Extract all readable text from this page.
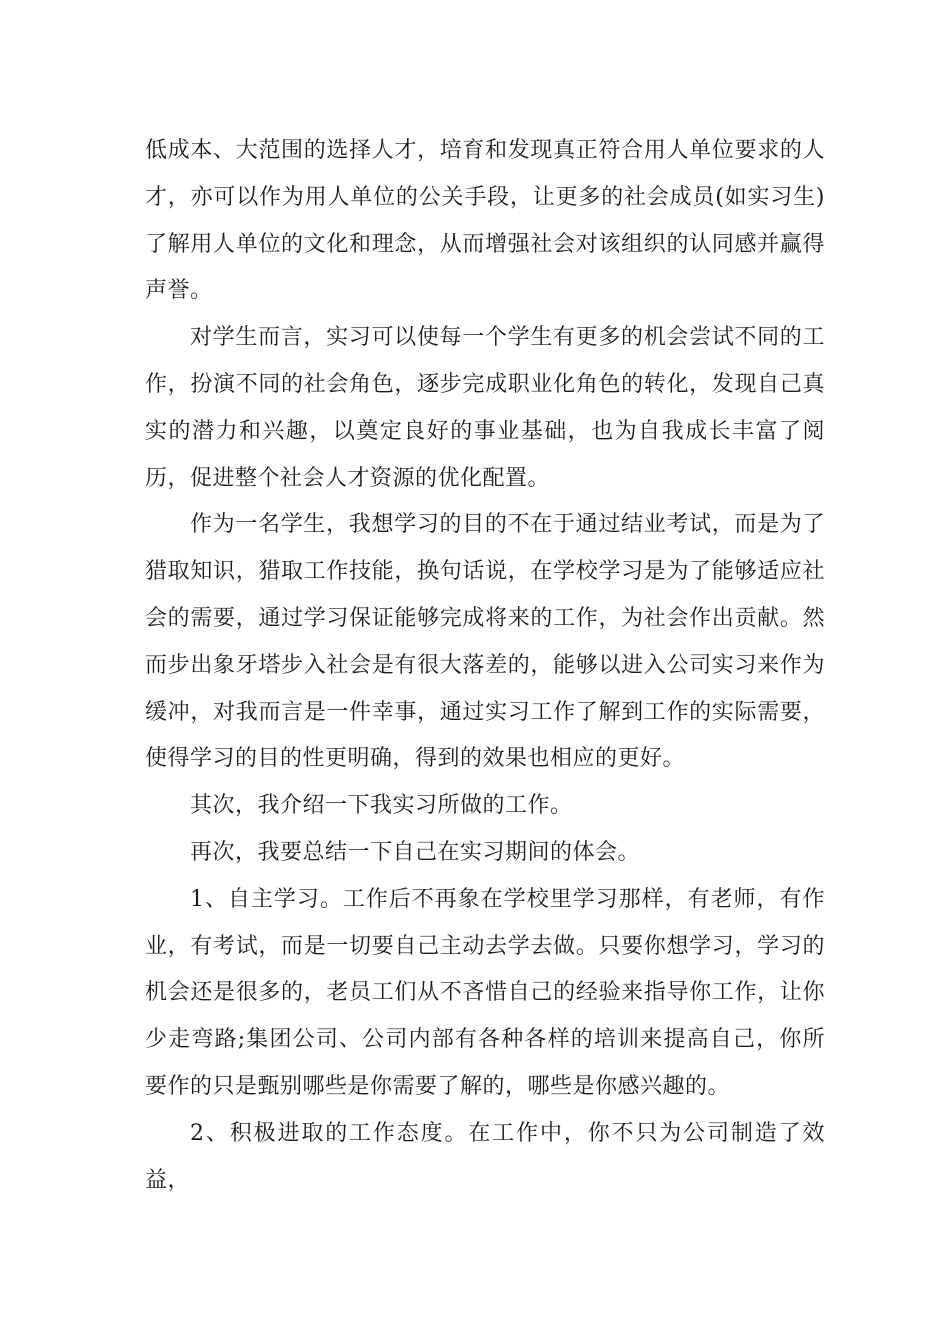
低成本、大范围的选择人才，培育和发现真正符合用人单位要求的人才，亦可以作为用人单位的公关手段，让更多的社会成员(如实习生)了解用人单位的文化和理念，从而增强社会对该组织的认同感并赢得声誉。

对学生而言，实习可以使每一个学生有更多的机会尝试不同的工作，扮演不同的社会角色，逐步完成职业化角色的转化，发现自己真实的潜力和兴趣，以奠定良好的事业基础，也为自我成长丰富了阅历，促进整个社会人才资源的优化配置。

作为一名学生，我想学习的目的不在于通过结业考试，而是为了猎取知识，猎取工作技能，换句话说，在学校学习是为了能够适应社会的需要，通过学习保证能够完成将来的工作，为社会作出贡献。然而步出象牙塔步入社会是有很大落差的，能够以进入公司实习来作为缓冲，对我而言是一件幸事，通过实习工作了解到工作的实际需要，使得学习的目的性更明确，得到的效果也相应的更好。

其次，我介绍一下我实习所做的工作。

再次，我要总结一下自己在实习期间的体会。

1、自主学习。工作后不再象在学校里学习那样，有老师，有作业，有考试，而是一切要自己主动去学去做。只要你想学习，学习的机会还是很多的，老员工们从不吝惜自己的经验来指导你工作，让你少走弯路;集团公司、公司内部有各种各样的培训来提高自己，你所要作的只是甄别哪些是你需要了解的，哪些是你感兴趣的。

2、积极进取的工作态度。在工作中，你不只为公司制造了效益，
